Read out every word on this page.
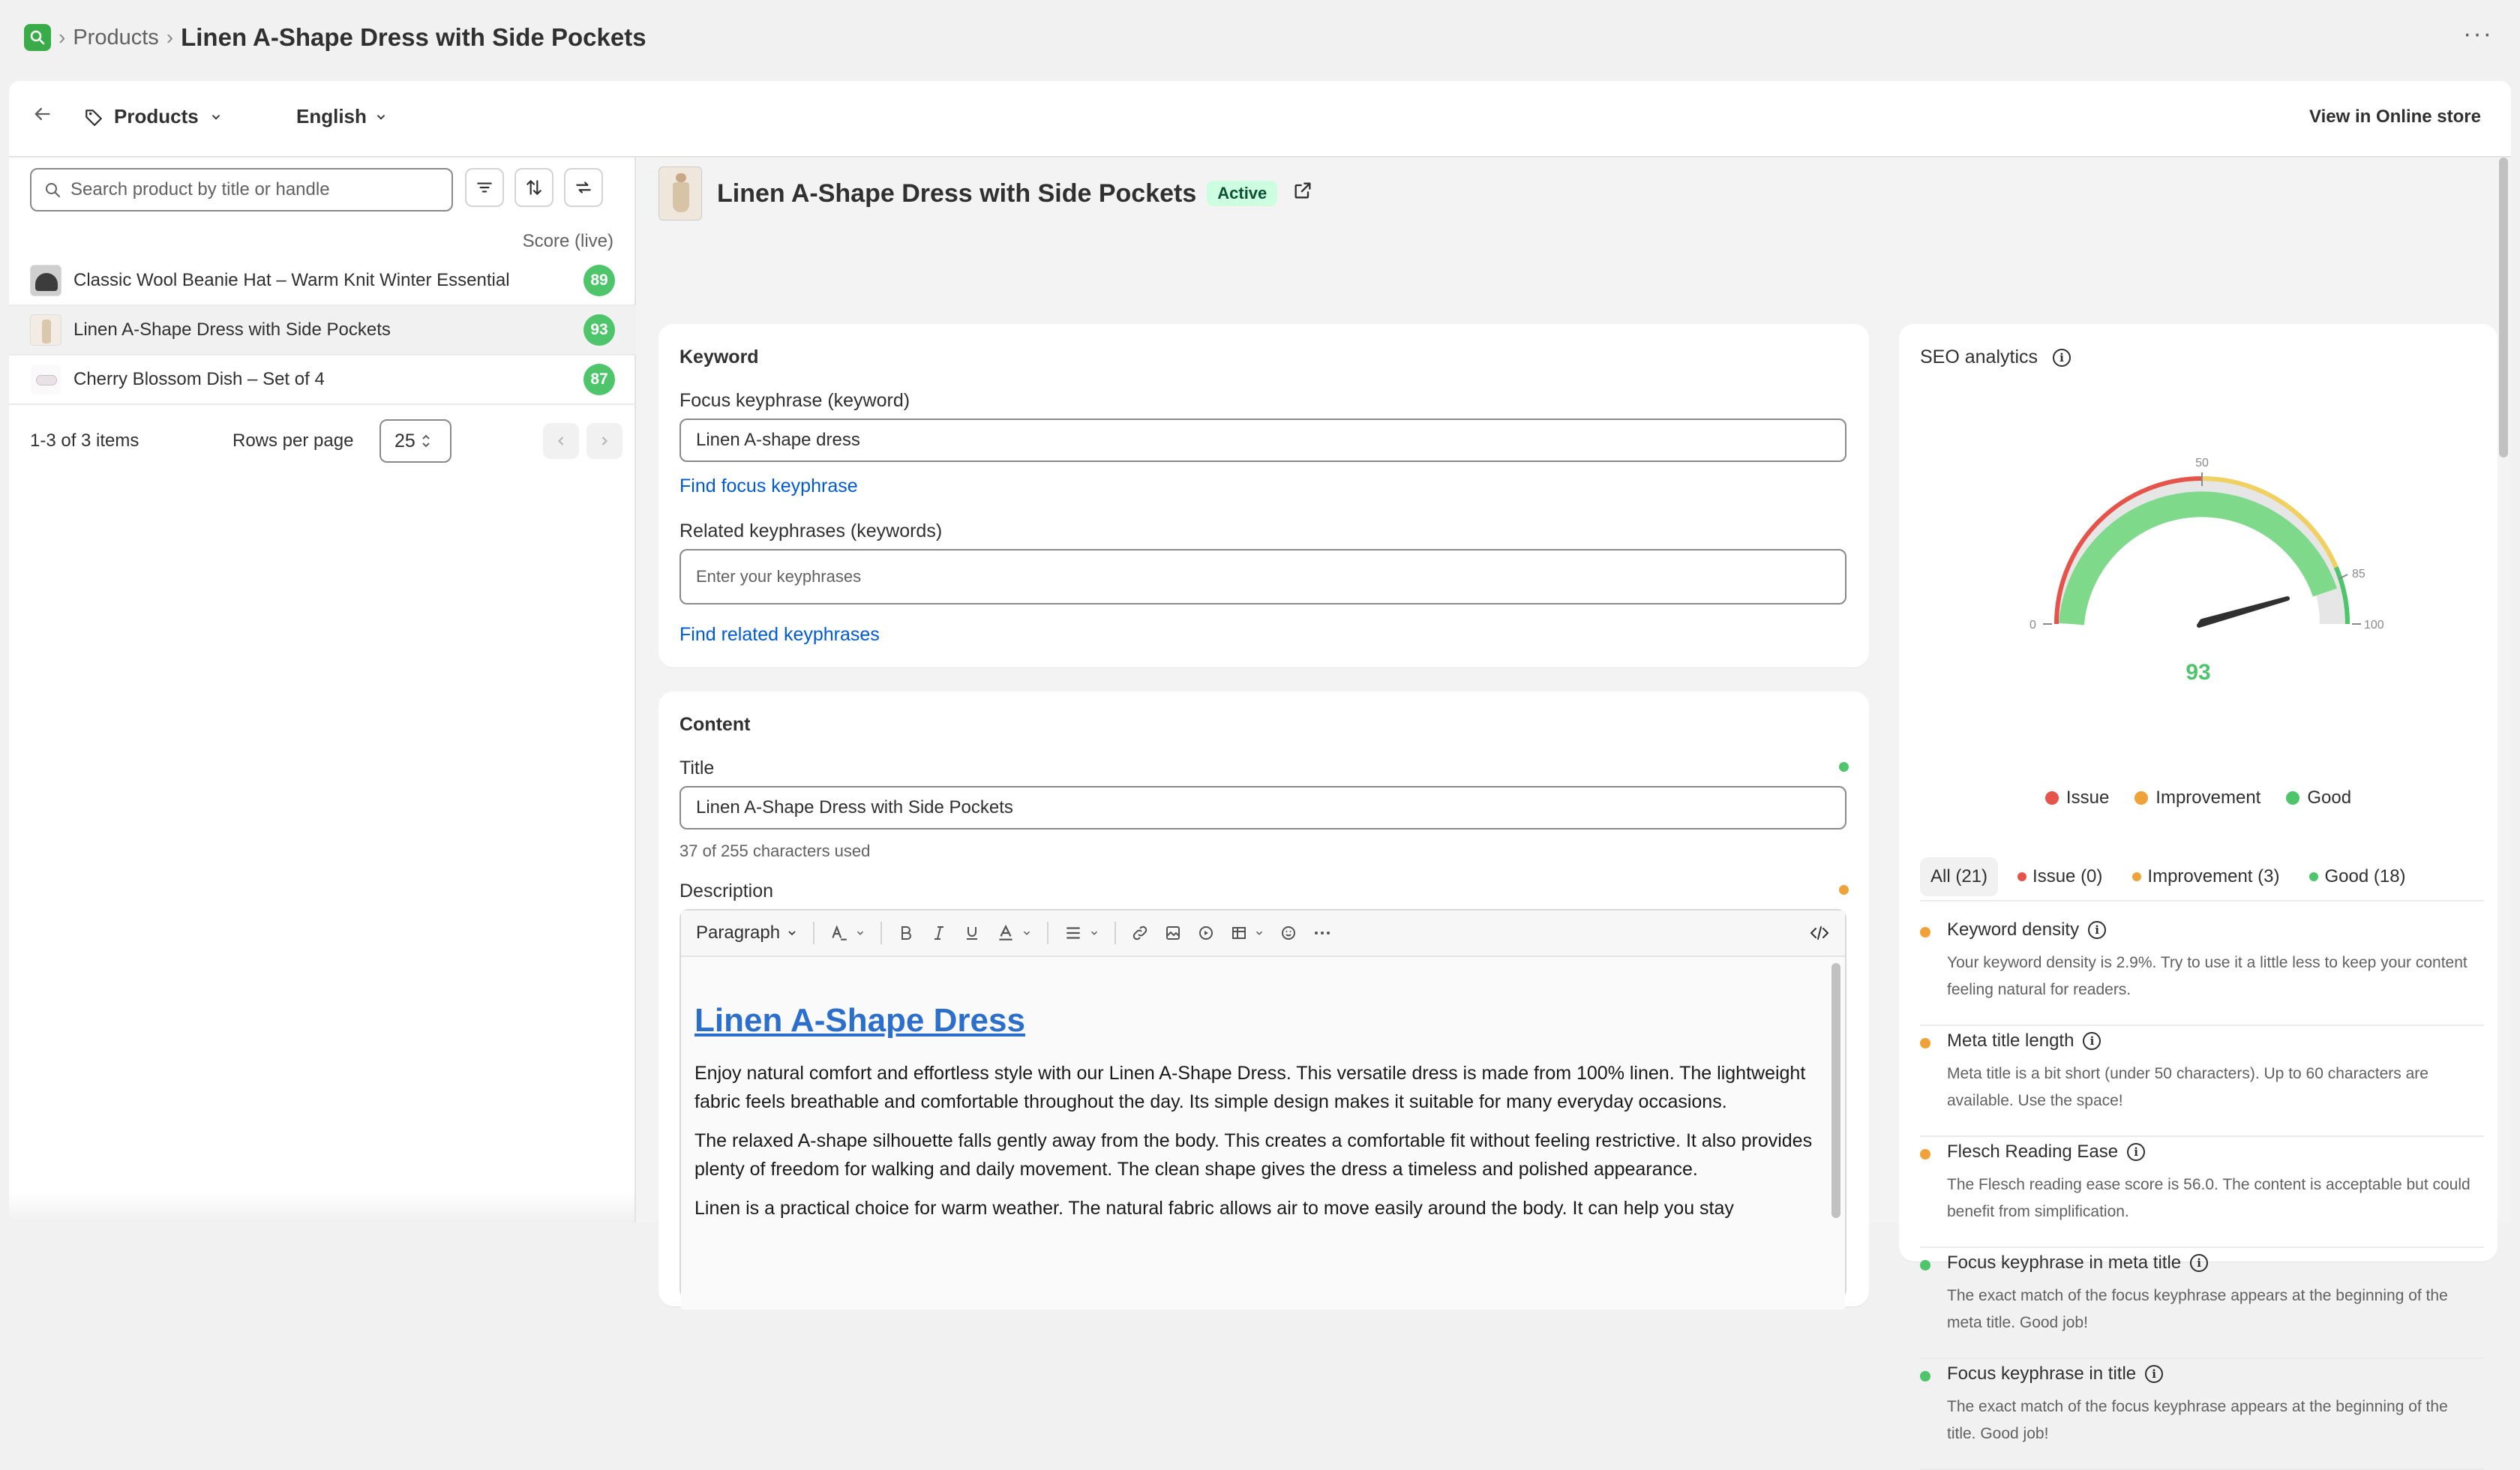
› Products › Linen A-Shape Dress with Side Pockets	···
Products	English	View in Online store
Search product by title or handle
Score (live)
Classic Wool Beanie Hat – Warm Knit Winter Essential	89
Linen A-Shape Dress with Side Pockets	93
Cherry Blossom Dish – Set of 4	87
1-3 of 3 items	Rows per page 25
Linen A-Shape Dress with Side Pockets	Active
Keyword
Focus keyphrase (keyword)
Linen A-shape dress
Find focus keyphrase
Related keyphrases (keywords)
Enter your keyphrases
Find related keyphrases
Content
Title
Linen A-Shape Dress with Side Pockets
37 of 255 characters used
Description
Paragraph
Linen A-Shape Dress
Enjoy natural comfort and effortless style with our Linen A-Shape Dress. This versatile dress is made from 100% linen. The lightweight fabric feels breathable and comfortable throughout the day. Its simple design makes it suitable for many everyday occasions.
The relaxed A-shape silhouette falls gently away from the body. This creates a comfortable fit without feeling restrictive. It also provides plenty of freedom for walking and daily movement. The clean shape gives the dress a timeless and polished appearance.
Linen is a practical choice for warm weather. The natural fabric allows air to move easily around the body. It can help you stay
SEO analytics	i
50
85
100
0
93
Issue	Improvement	Good
All (21)	Issue (0)	Improvement (3)	Good (18)
Keyword density	i
Your keyword density is 2.9%. Try to use it a little less to keep your content feeling natural for readers.
Meta title length	i
Meta title is a bit short (under 50 characters). Up to 60 characters are available. Use the space!
Flesch Reading Ease	i
The Flesch reading ease score is 56.0. The content is acceptable but could benefit from simplification.
Focus keyphrase in meta title	i
The exact match of the focus keyphrase appears at the beginning of the meta title. Good job!
Focus keyphrase in title	i
The exact match of the focus keyphrase appears at the beginning of the title. Good job!
